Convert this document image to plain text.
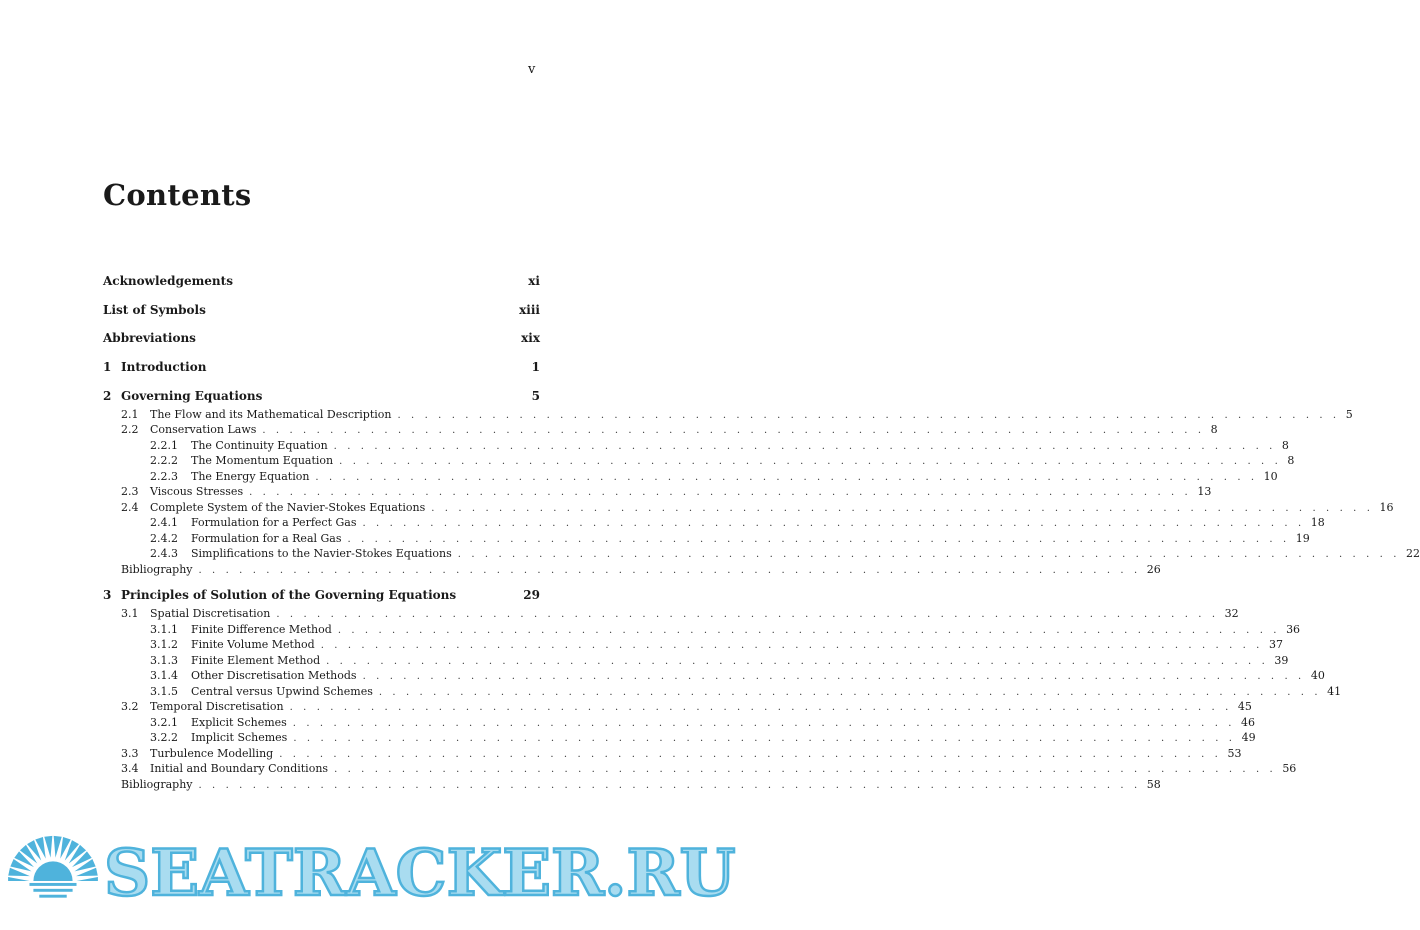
v
Contents
Acknowledgements	xi
List of Symbols	xiii
Abbreviations	xix
1 Introduction	1
2 Governing Equations	5
2.1	The Flow and its Mathematical Description . . .	5
2.2	Conservation Laws . . .	8
2.2.1	The Continuity Equation . . .	8
2.2.2	The Momentum Equation . . .	8
2.2.3	The Energy Equation . . .	10
2.3	Viscous Stresses . . .	13
2.4	Complete System of the Navier-Stokes Equations . . .	16
2.4.1	Formulation for a Perfect Gas . . .	18
2.4.2	Formulation for a Real Gas . . .	19
2.4.3	Simplifications to the Navier-Stokes Equations . . .	22
Bibliography . . .	26
3 Principles of Solution of the Governing Equations	29
3.1	Spatial Discretisation . . .	32
3.1.1	Finite Difference Method . . .	36
3.1.2	Finite Volume Method . . .	37
3.1.3	Finite Element Method . . .	39
3.1.4	Other Discretisation Methods . . .	40
3.1.5	Central versus Upwind Schemes . . .	41
3.2	Temporal Discretisation . . .	45
3.2.1	Explicit Schemes . . .	46
3.2.2	Implicit Schemes . . .	49
3.3	Turbulence Modelling . . .	53
3.4	Initial and Boundary Conditions . . .	56
Bibliography . . .	58
SEATRACKER.RU
